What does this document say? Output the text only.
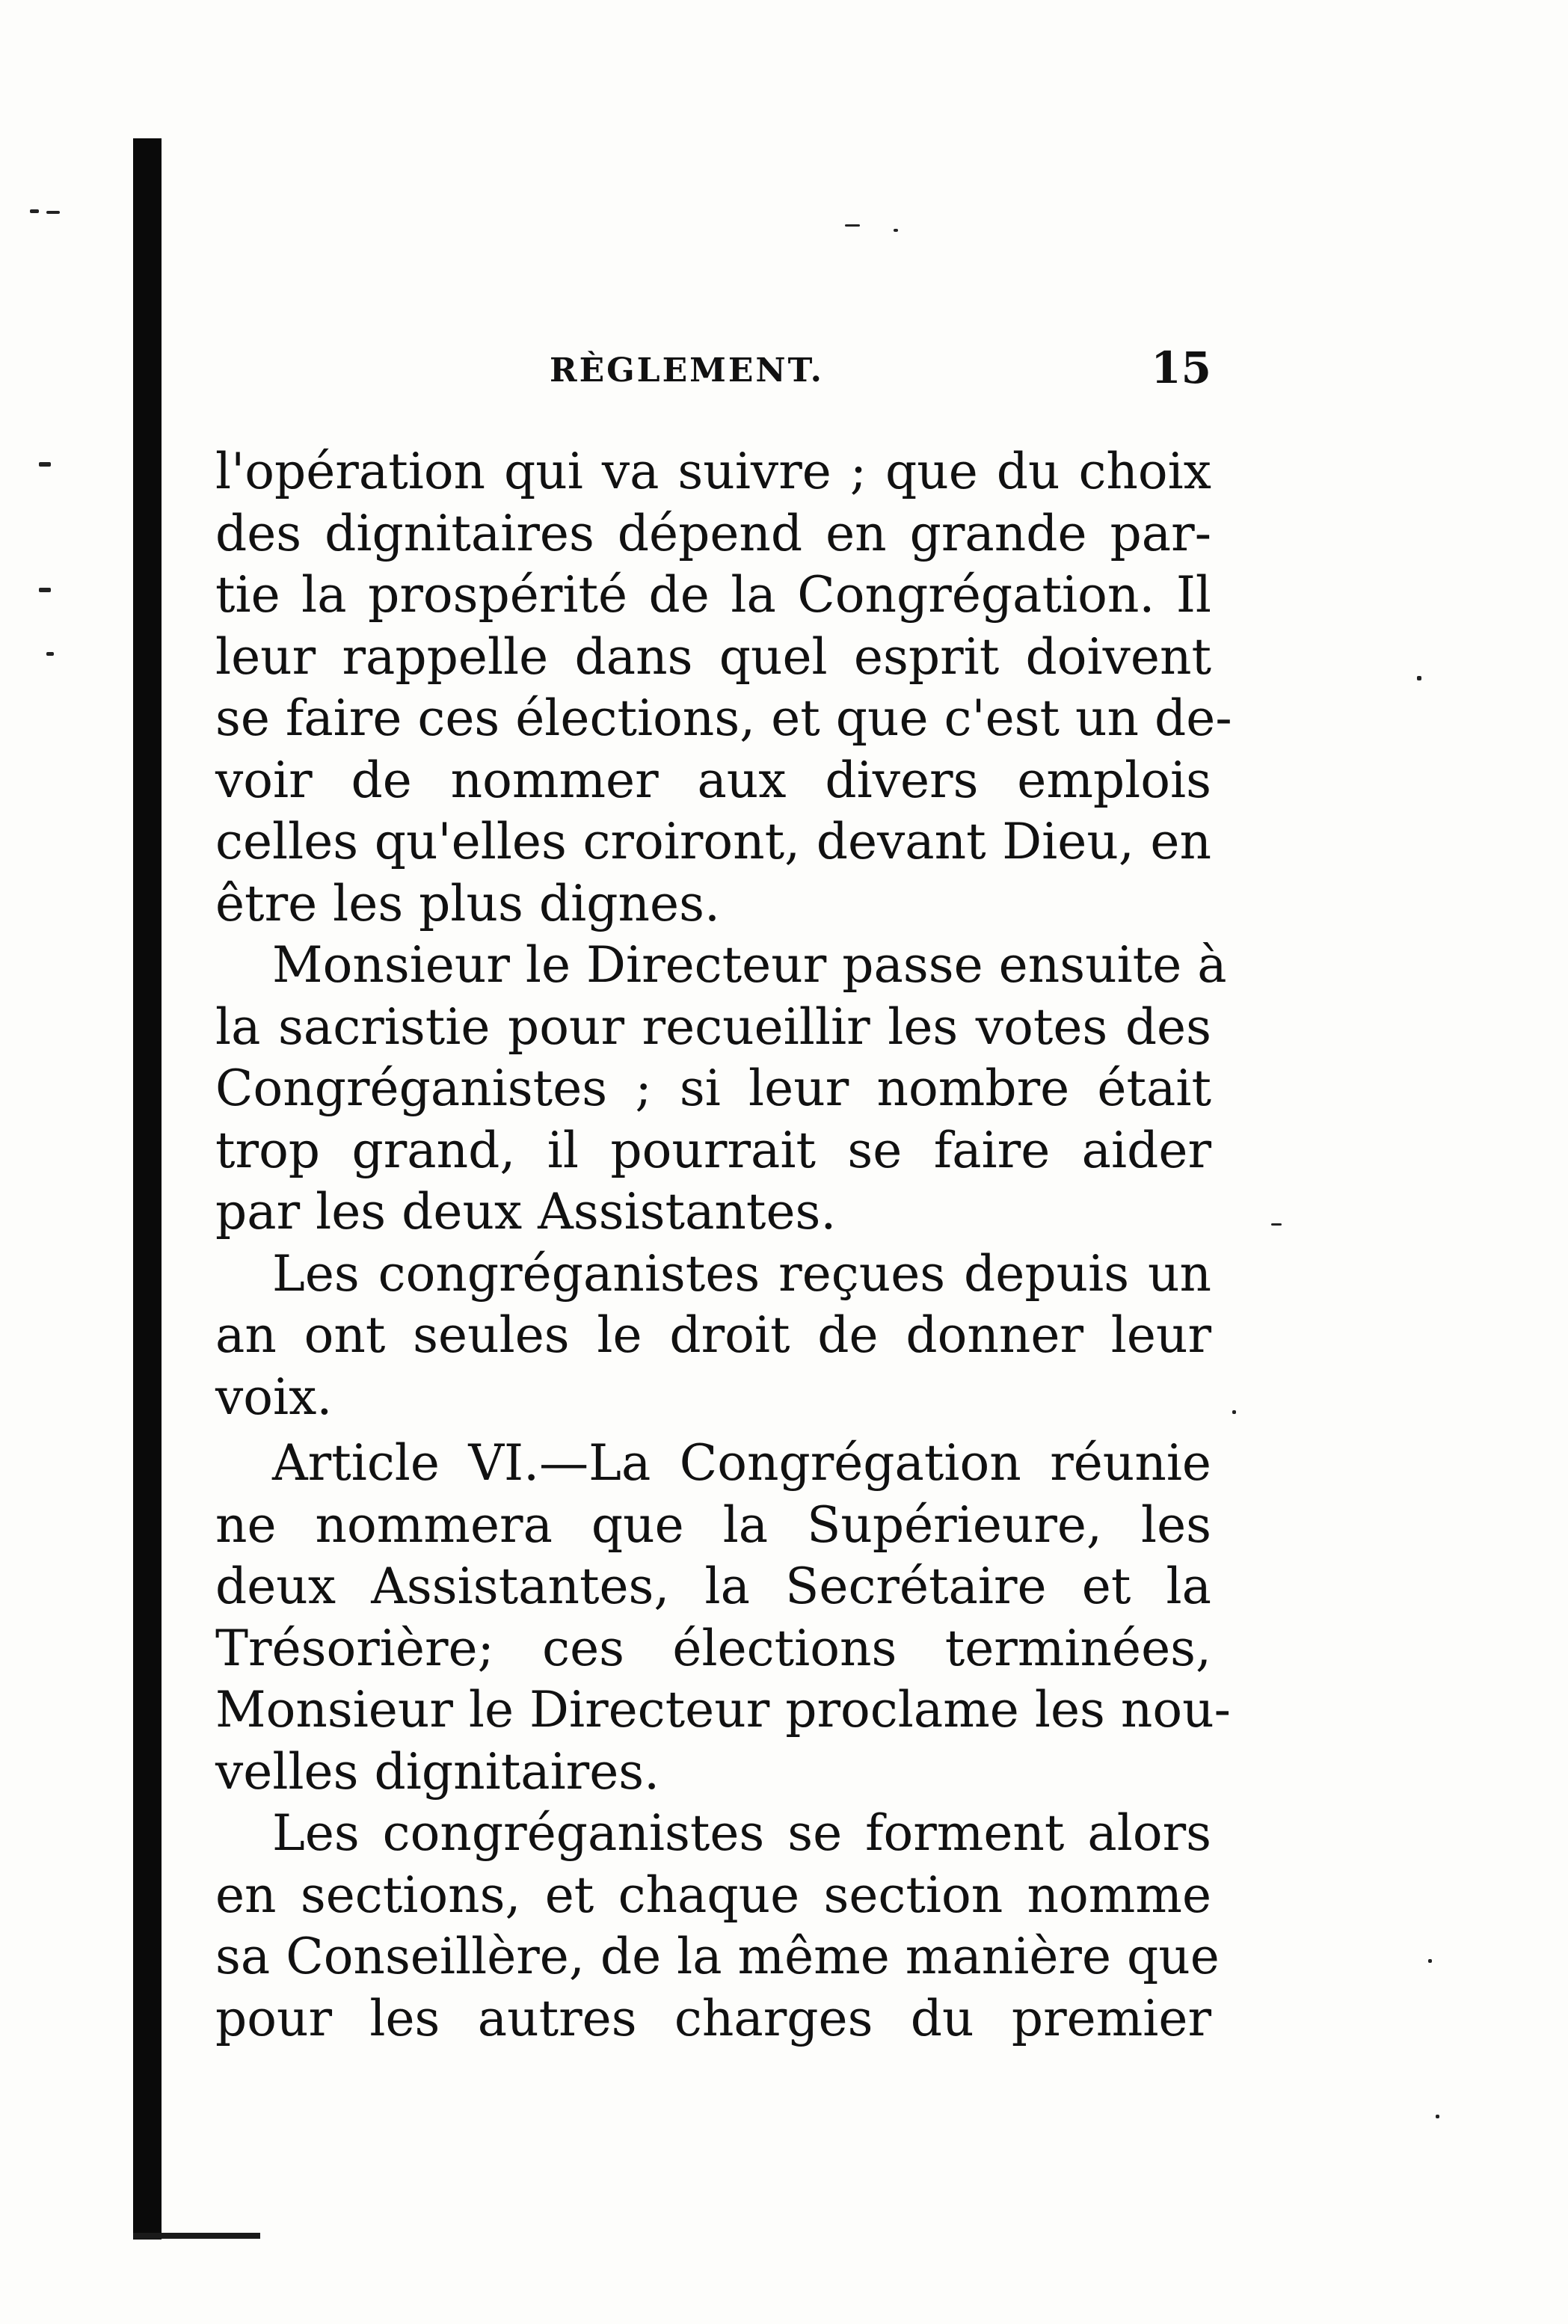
RÈGLEMENT.	15

l'opération qui va suivre ; que du choix
des dignitaires dépend en grande par-
tie la prospérité de la Congrégation. Il
leur rappelle dans quel esprit doivent
se faire ces élections, et que c'est un de-
voir de nommer aux divers emplois
celles qu'elles croiront, devant Dieu, en
être les plus dignes.

Monsieur le Directeur passe ensuite à
la sacristie pour recueillir les votes des
Congréganistes ; si leur nombre était
trop grand, il pourrait se faire aider
par les deux Assistantes.

Les congréganistes reçues depuis un
an ont seules le droit de donner leur
voix.

Article VI.—La Congrégation réunie
ne nommera que la Supérieure, les
deux Assistantes, la Secrétaire et la
Trésorière; ces élections terminées,
Monsieur le Directeur proclame les nou-
velles dignitaires.

Les congréganistes se forment alors
en sections, et chaque section nomme
sa Conseillère, de la même manière que
pour les autres charges du premier
